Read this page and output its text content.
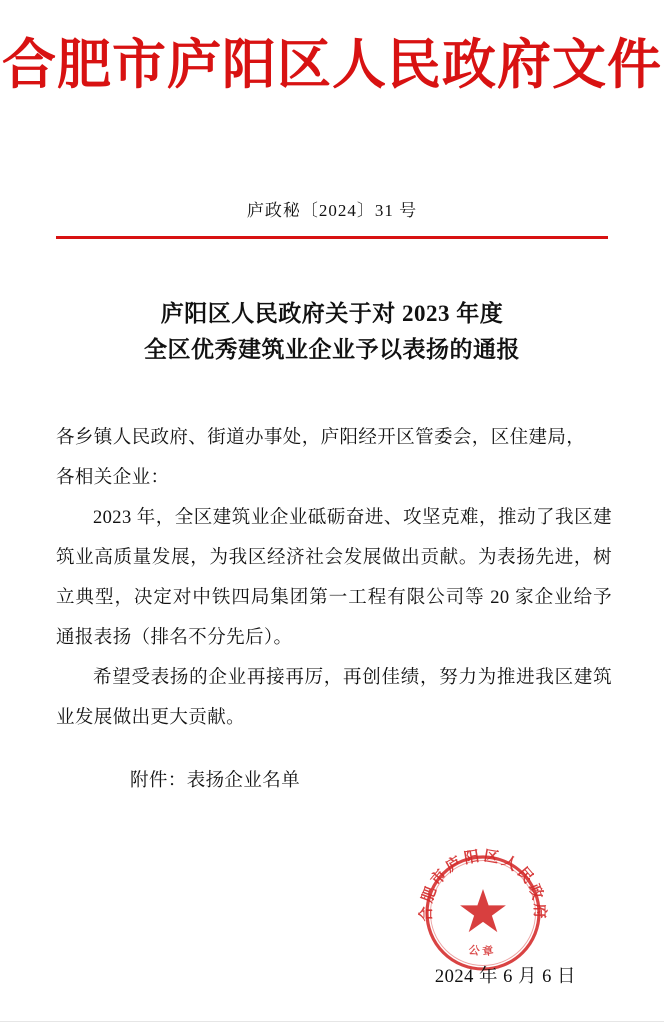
合肥市庐阳区人民政府文件
庐政秘〔2024〕31 号
庐阳区人民政府关于对 2023 年度
全区优秀建筑业企业予以表扬的通报

各乡镇人民政府、街道办事处，庐阳经开区管委会，区住建局，

各相关企业：

2023 年，全区建筑业企业砥砺奋进、攻坚克难，推动了我区建筑业高质量发展，为我区经济社会发展做出贡献。为表扬先进，树立典型，决定对中铁四局集团第一工程有限公司等 20 家企业给予通报表扬（排名不分先后）。

希望受表扬的企业再接再厉，再创佳绩，努力为推进我区建筑业发展做出更大贡献。

附件：表扬企业名单
合肥市庐阳区人民政府
公章
2024 年 6 月 6 日
